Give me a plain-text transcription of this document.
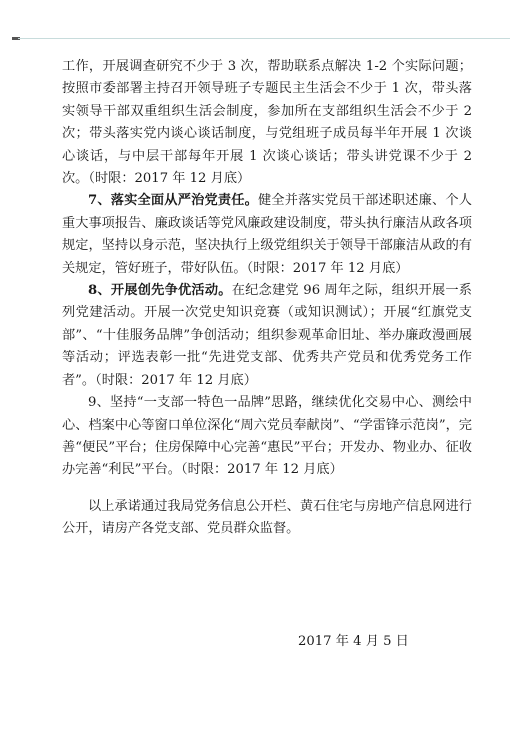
工作，开展调查研究不少于 3 次，帮助联系点解决 1-2 个实际问题；按照市委部署主持召开领导班子专题民主生活会不少于 1 次，带头落实领导干部双重组织生活会制度，参加所在支部组织生活会不少于 2 次；带头落实党内谈心谈话制度，与党组班子成员每半年开展 1 次谈心谈话，与中层干部每年开展 1 次谈心谈话；带头讲党课不少于 2 次。（时限：2017 年 12 月底）

7、落实全面从严治党责任。健全并落实党员干部述职述廉、个人重大事项报告、廉政谈话等党风廉政建设制度，带头执行廉洁从政各项规定，坚持以身示范，坚决执行上级党组织关于领导干部廉洁从政的有关规定，管好班子，带好队伍。（时限：2017 年 12 月底）

8、开展创先争优活动。在纪念建党 96 周年之际，组织开展一系列党建活动。开展一次党史知识竞赛（或知识测试）；开展“红旗党支部”、“十佳服务品牌”争创活动；组织参观革命旧址、举办廉政漫画展等活动；评选表彰一批“先进党支部、优秀共产党员和优秀党务工作者”。（时限：2017 年 12 月底）

9、坚持“一支部一特色一品牌”思路，继续优化交易中心、测绘中心、档案中心等窗口单位深化“周六党员奉献岗”、“学雷锋示范岗”，完善“便民”平台；住房保障中心完善“惠民”平台；开发办、物业办、征收办完善“利民”平台。（时限：2017 年 12 月底）

以上承诺通过我局党务信息公开栏、黄石住宅与房地产信息网进行公开，请房产各党支部、党员群众监督。

2017 年 4 月 5 日
